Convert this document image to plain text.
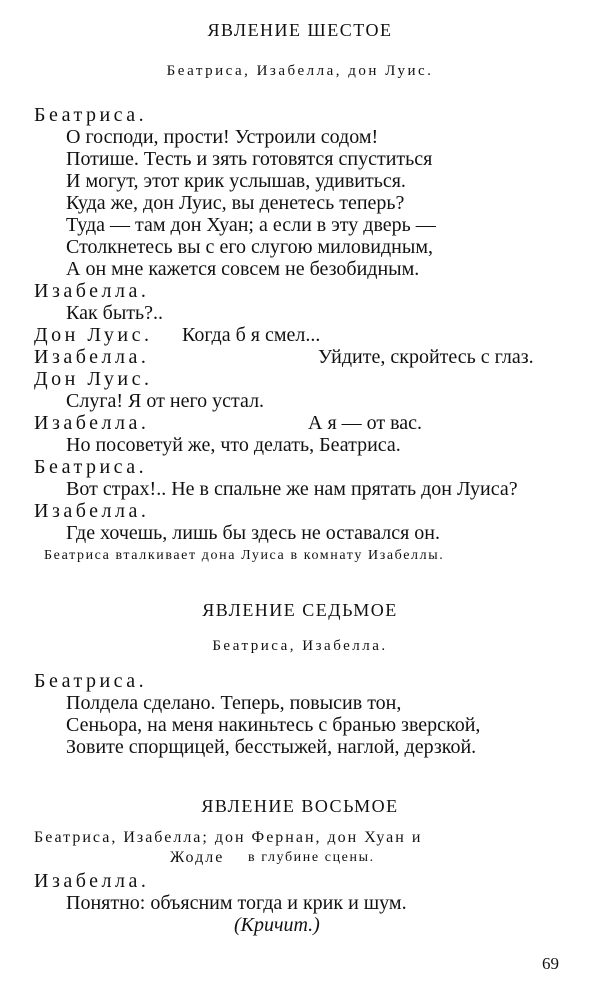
ЯВЛЕНИЕ ШЕСТОЕ
Беатриса, Изабелла, дон Луис.
Беатриса.
О господи, прости! Устроили содом!
Потише. Тесть и зять готовятся спуститься
И могут, этот крик услышав, удивиться.
Куда же, дон Луис, вы денетесь теперь?
Туда — там дон Хуан; а если в эту дверь —
Столкнетесь вы с его слугою миловидным,
А он мне кажется совсем не безобидным.
Изабелла.
Как быть?..
Дон Луис. Когда б я смел...
Изабелла.	Уйдите, скройтесь с глаз.
Дон Луис.
Слуга! Я от него устал.
Изабелла.	А я — от вас.
Но посоветуй же, что делать, Беатриса.
Беатриса.
Вот страх!.. Не в спальне же нам прятать дон Луиса?
Изабелла.
Где хочешь, лишь бы здесь не оставался он.
Беатриса вталкивает дона Луиса в комнату Изабеллы.
ЯВЛЕНИЕ СЕДЬМОЕ
Беатриса, Изабелла.
Беатриса.
Полдела сделано. Теперь, повысив тон,
Сеньора, на меня накиньтесь с бранью зверской,
Зовите спорщицей, бесстыжей, наглой, дерзкой.
ЯВЛЕНИЕ ВОСЬМОЕ
Беатриса, Изабелла; дон Фернан, дон Хуан и
Жодле в глубине сцены.
Изабелла.
Понятно: объясним тогда и крик и шум.
(Кричит.)
69
